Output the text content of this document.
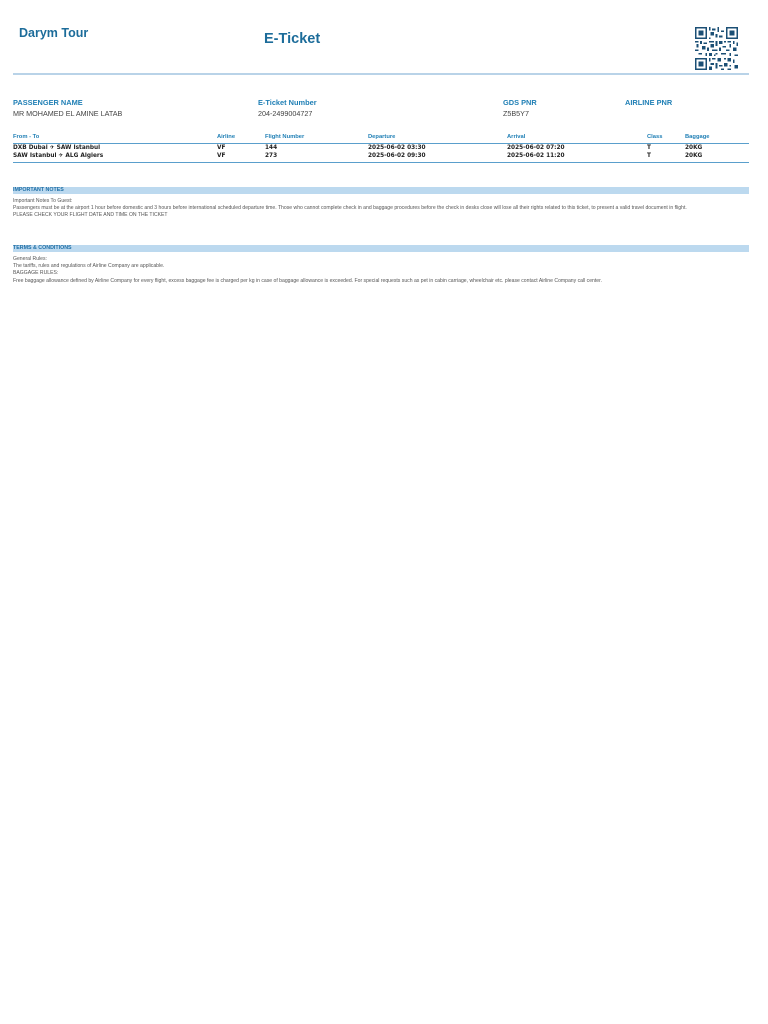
Darym Tour	E-Ticket
PASSENGER NAME
MR MOHAMED EL AMINE LATAB
E-Ticket Number
204-2499004727
GDS PNR
Z5B5Y7
AIRLINE PNR
From - To	Airline	Flight Number	Departure	Arrival	Class	Baggage
DXB Dubai ✈ SAW Istanbul	VF	144	2025-06-02 03:30	2025-06-02 07:20	T	20KG
SAW Istanbul ✈ ALG Algiers	VF	273	2025-06-02 09:30	2025-06-02 11:20	T	20KG
IMPORTANT NOTES
Important Notes To Guest:
Passengers must be at the airport 1 hour before domestic and 3 hours before international scheduled departure time. Those who cannot complete check in and baggage procedures before the check in desks close will lose all their rights related to this ticket, to present a valid travel document in flight.
PLEASE CHECK YOUR FLIGHT DATE AND TIME ON THE TICKET
TERMS & CONDITIONS
General Rules:
The tariffs, rules and regulations of Airline Company are applicable.
BAGGAGE RULES:
Free baggage allowance defined by Airline Company for every flight, excess baggage fee is charged per kg in case of baggage allowance is exceeded. For special requests such as pet in cabin carriage, wheelchair etc. please contact Airline Company call center.
